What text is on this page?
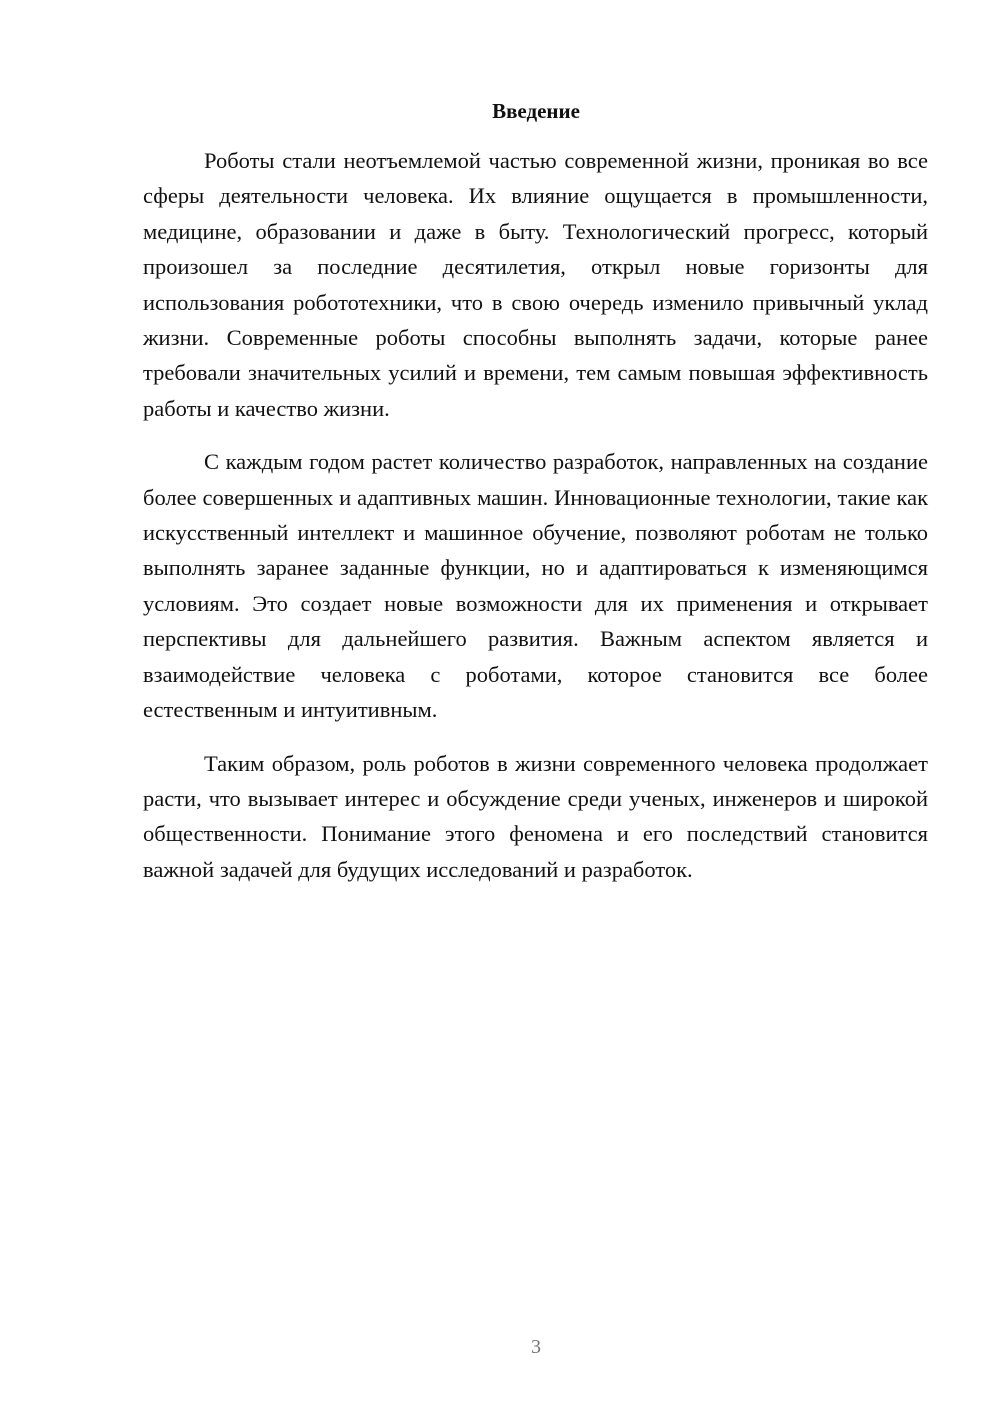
Введение

Роботы стали неотъемлемой частью современной жизни, проникая во все сферы деятельности человека. Их влияние ощущается в промышленности, медицине, образовании и даже в быту. Технологический прогресс, который произошел за последние десятилетия, открыл новые горизонты для использования робототехники, что в свою очередь изменило привычный уклад жизни. Современные роботы способны выполнять задачи, которые ранее требовали значительных усилий и времени, тем самым повышая эффективность работы и качество жизни.

С каждым годом растет количество разработок, направленных на создание более совершенных и адаптивных машин. Инновационные технологии, такие как искусственный интеллект и машинное обучение, позволяют роботам не только выполнять заранее заданные функции, но и адаптироваться к изменяющимся условиям. Это создает новые возможности для их применения и открывает перспективы для дальнейшего развития. Важным аспектом является и взаимодействие человека с роботами, которое становится все более естественным и интуитивным.

Таким образом, роль роботов в жизни современного человека продолжает расти, что вызывает интерес и обсуждение среди ученых, инженеров и широкой общественности. Понимание этого феномена и его последствий становится важной задачей для будущих исследований и разработок.

3
